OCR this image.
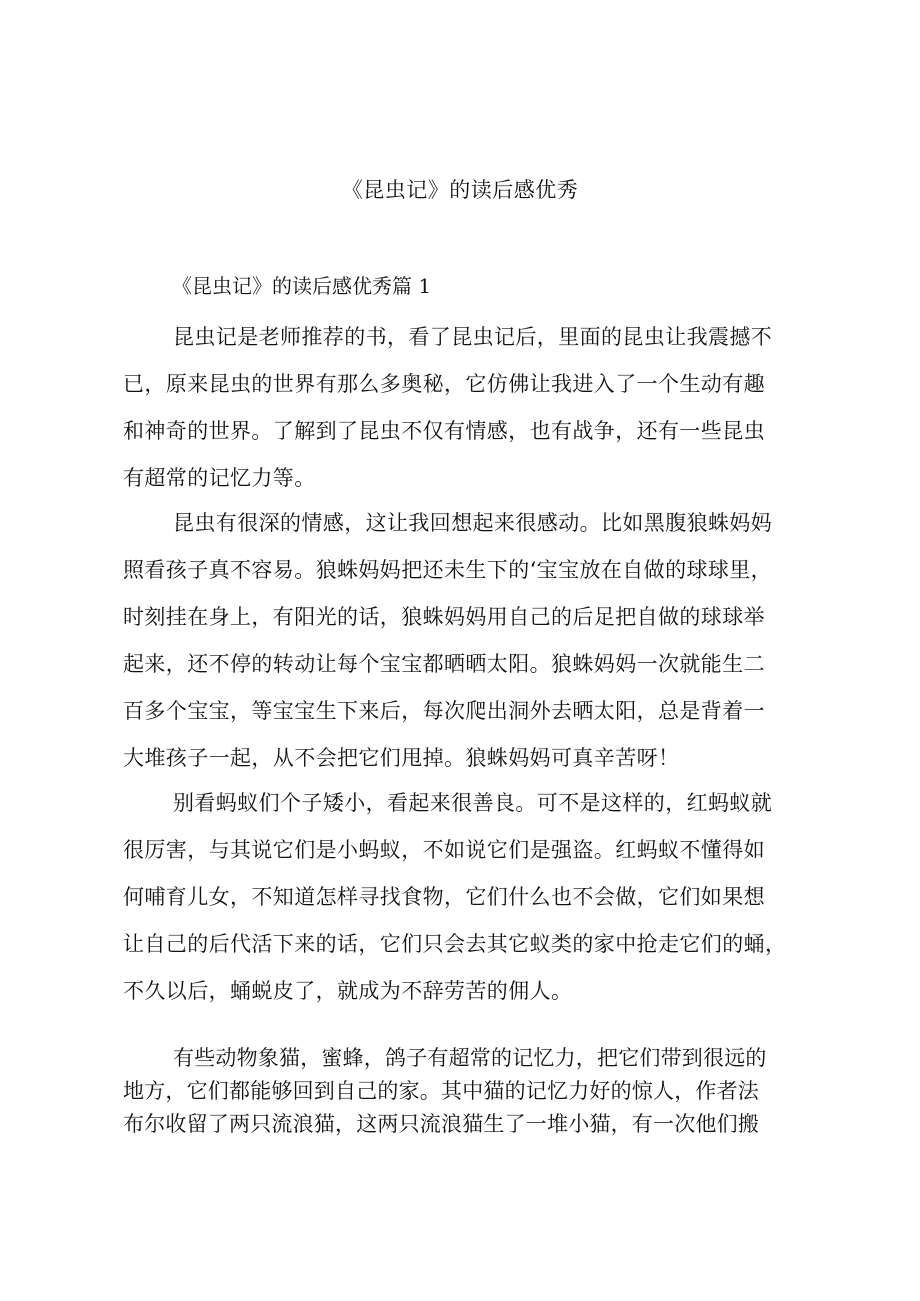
《昆虫记》的读后感优秀
《昆虫记》的读后感优秀篇 1
昆虫记是老师推荐的书，看了昆虫记后，里面的昆虫让我震撼不
已，原来昆虫的世界有那么多奥秘，它仿佛让我进入了一个生动有趣
和神奇的世界。了解到了昆虫不仅有情感，也有战争，还有一些昆虫
有超常的记忆力等。
昆虫有很深的情感，这让我回想起来很感动。比如黑腹狼蛛妈妈
照看孩子真不容易。狼蛛妈妈把还未生下的‘宝宝放在自做的球球里，
时刻挂在身上，有阳光的话，狼蛛妈妈用自己的后足把自做的球球举
起来，还不停的转动让每个宝宝都晒晒太阳。狼蛛妈妈一次就能生二
百多个宝宝，等宝宝生下来后，每次爬出洞外去晒太阳，总是背着一
大堆孩子一起，从不会把它们甩掉。狼蛛妈妈可真辛苦呀！
别看蚂蚁们个子矮小，看起来很善良。可不是这样的，红蚂蚁就
很厉害，与其说它们是小蚂蚁，不如说它们是强盗。红蚂蚁不懂得如
何哺育儿女，不知道怎样寻找食物，它们什么也不会做，它们如果想
让自己的后代活下来的话，它们只会去其它蚁类的家中抢走它们的蛹，
不久以后，蛹蜕皮了，就成为不辞劳苦的佣人。
有些动物象猫，蜜蜂，鸽子有超常的记忆力，把它们带到很远的
地方，它们都能够回到自己的家。其中猫的记忆力好的惊人，作者法
布尔收留了两只流浪猫，这两只流浪猫生了一堆小猫，有一次他们搬
